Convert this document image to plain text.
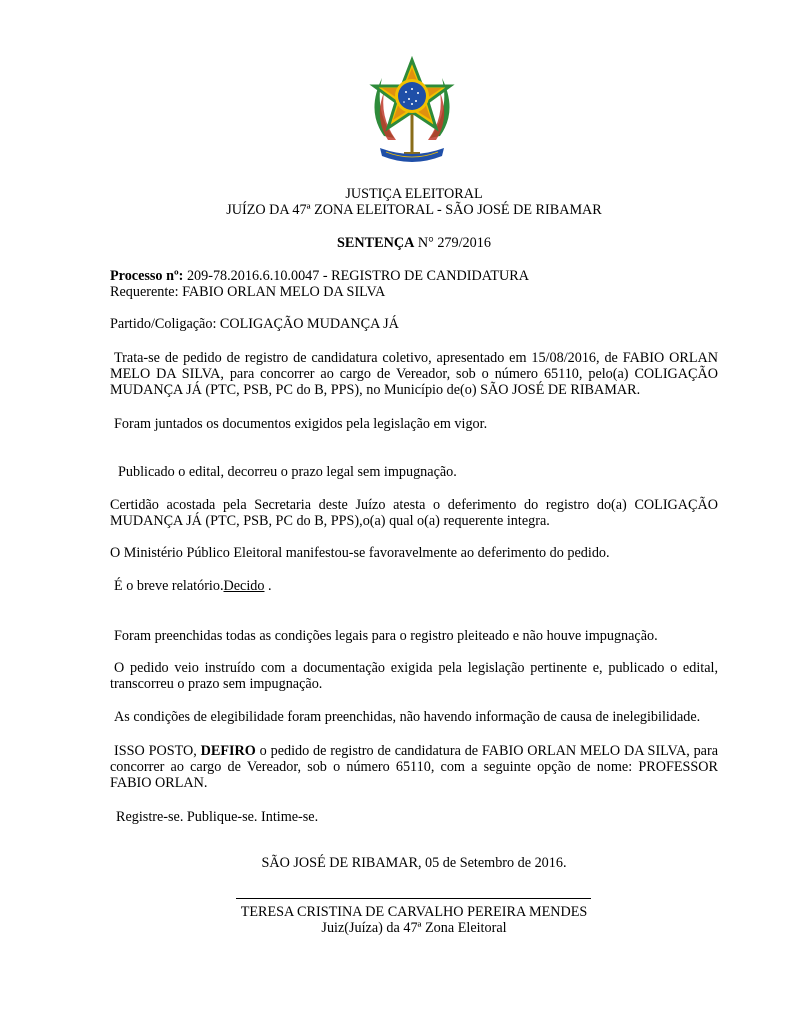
JUSTIÇA ELEITORAL
JUÍZO DA 47ª ZONA ELEITORAL - SÃO JOSÉ DE RIBAMAR
SENTENÇA N° 279/2016
Processo nº: 209-78.2016.6.10.0047 - REGISTRO DE CANDIDATURA
Requerente: FABIO ORLAN MELO DA SILVA
Partido/Coligação: COLIGAÇÃO MUDANÇA JÁ
Trata-se de pedido de registro de candidatura coletivo, apresentado em 15/08/2016, de FABIO ORLAN MELO DA SILVA, para concorrer ao cargo de Vereador, sob o número 65110, pelo(a) COLIGAÇÃO MUDANÇA JÁ (PTC, PSB, PC do B, PPS), no Município de(o) SÃO JOSÉ DE RIBAMAR.
Foram juntados os documentos exigidos pela legislação em vigor.
Publicado o edital, decorreu o prazo legal sem impugnação.
Certidão acostada pela Secretaria deste Juízo atesta o deferimento do registro do(a) COLIGAÇÃO MUDANÇA JÁ (PTC, PSB, PC do B, PPS),o(a) qual o(a) requerente integra.
O Ministério Público Eleitoral manifestou-se favoravelmente ao deferimento do pedido.
É o breve relatório.Decido .
Foram preenchidas todas as condições legais para o registro pleiteado e não houve impugnação.
O pedido veio instruído com a documentação exigida pela legislação pertinente e, publicado o edital, transcorreu o prazo sem impugnação.
As condições de elegibilidade foram preenchidas, não havendo informação de causa de inelegibilidade.
ISSO POSTO, DEFIRO o pedido de registro de candidatura de FABIO ORLAN MELO DA SILVA, para concorrer ao cargo de Vereador, sob o número 65110, com a seguinte opção de nome: PROFESSOR FABIO ORLAN.
Registre-se. Publique-se. Intime-se.
SÃO JOSÉ DE RIBAMAR, 05 de Setembro de 2016.
TERESA CRISTINA DE CARVALHO PEREIRA MENDES
Juiz(Juíza) da 47ª Zona Eleitoral
